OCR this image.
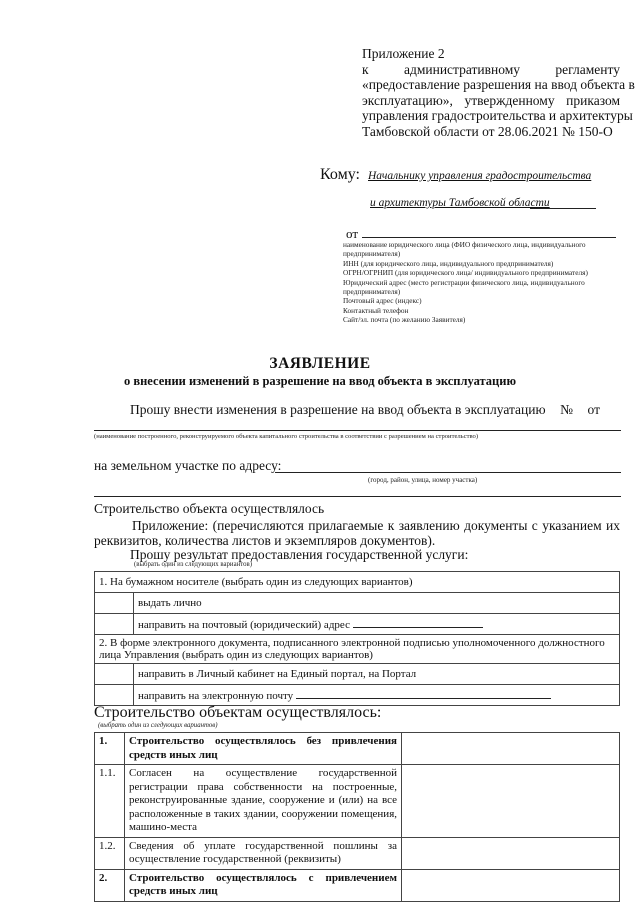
Приложение 2
к	административному	регламенту
«предоставление разрешения на ввод объекта в
эксплуатацию», утвержденному приказом
управления градостроительства и архитектуры
Тамбовской области от 28.06.2021 № 150-О
Кому: Начальнику управления градостроительства
и архитектуры Тамбовской области
от
наименование юридического лица (ФИО физического лица, индивидуального предпринимателя)
ИНН (для юридического лица, индивидуального предпринимателя)
ОГРН/ОГРНИП (для юридического лица/ индивидуального предпринимателя)
Юридический адрес (место регистрации физического лица, индивидуального предпринимателя)
Почтовый адрес (индекс)
Контактный телефон
Сайт/эл. почта (по желанию Заявителя)
ЗАЯВЛЕНИЕ
о внесении изменений в разрешение на ввод объекта в эксплуатацию
Прошу внести изменения в разрешение на ввод объекта в эксплуатацию № от
(наименование построенного, реконструируемого объекта капитального строительства в соответствии с разрешением на строительство)
на земельном участке по адресу:
(город, район, улица, номер участка)
Строительство объекта осуществлялось
Приложение: (перечисляются прилагаемые к заявлению документы с указанием их реквизитов, количества листов и экземпляров документов).
Прошу результат предоставления государственной услуги:
(выбрать один из следующих вариантов)
1. На бумажном носителе (выбрать один из следующих вариантов)	
	выдать лично
	направить на почтовый (юридический) адрес
2. В форме электронного документа, подписанного электронной подписью уполномоченного должностного лица Управления (выбрать один из следующих вариантов)	
	направить в Личный кабинет на Единый портал, на Портал
	направить на электронную почту
Строительство объектам осуществлялось:
(выбрать один из следующих вариантов)
1.	Строительство осуществлялось без привлечения средств иных лиц	
1.1.	Согласен на осуществление государственной регистрации права собственности на построенные, реконструированные здание, сооружение и (или) на все расположенные в таких здании, сооружении помещения, машино-места	
1.2.	Сведения об уплате государственной пошлины за осуществление государственной (реквизиты)	
2.	Строительство осуществлялось с привлечением средств иных лиц	
